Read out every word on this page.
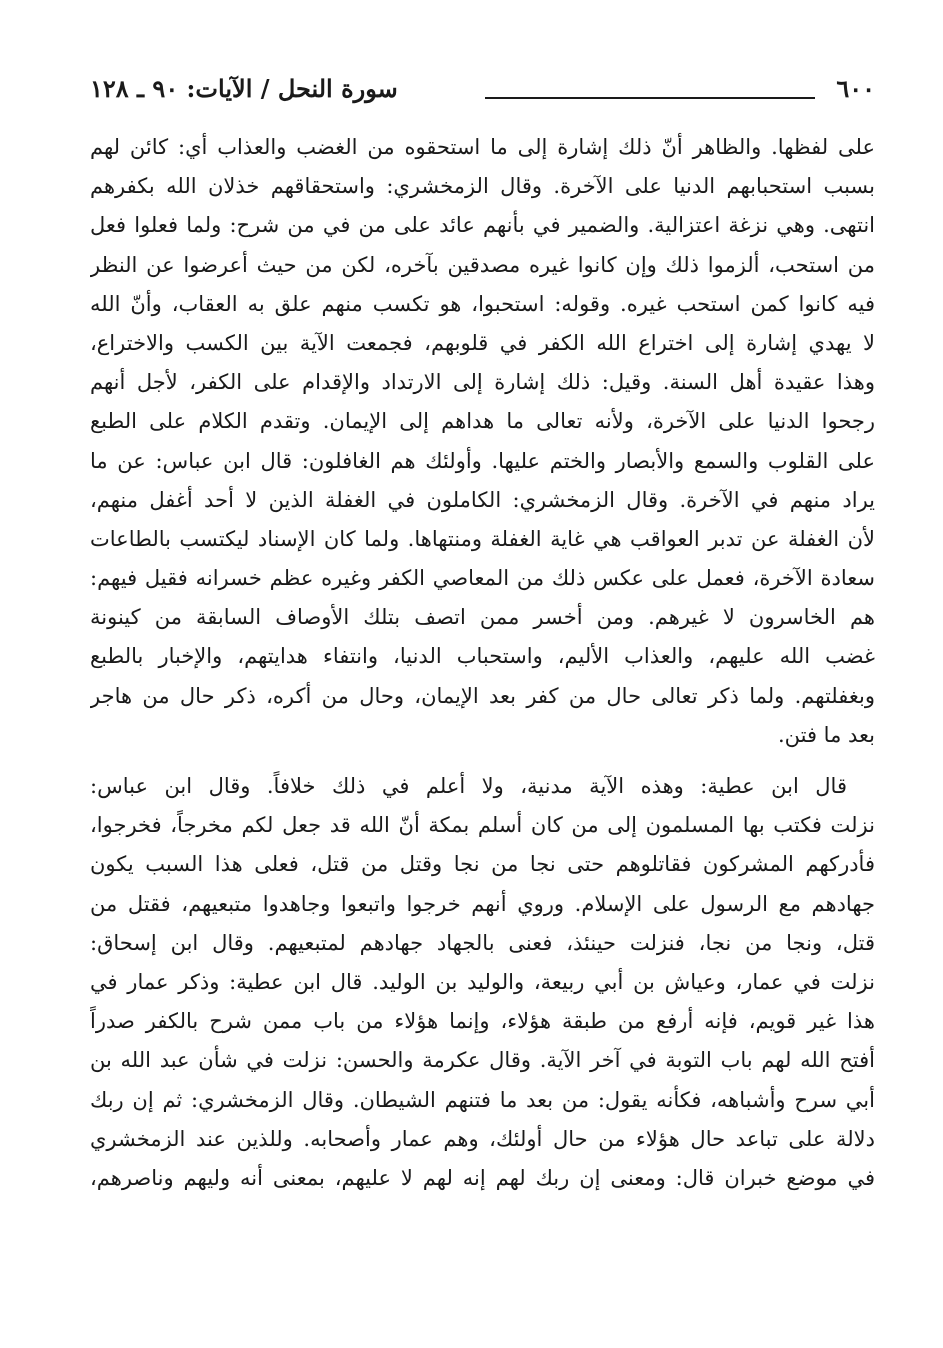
٦٠٠
سورة النحل / الآيات: ٩٠ ـ ١٢٨
على لفظها. والظاهر أنّ ذلك إشارة إلى ما استحقوه من الغضب والعذاب أي: كائن لهم
بسبب استحبابهم الدنيا على الآخرة. وقال الزمخشري: واستحقاقهم خذلان الله بكفرهم
انتهى. وهي نزغة اعتزالية. والضمير في بأنهم عائد على من في من شرح: ولما فعلوا فعل
من استحب، ألزموا ذلك وإن كانوا غيره مصدقين بآخره، لكن من حيث أعرضوا عن النظر
فيه كانوا كمن استحب غيره. وقوله: استحبوا، هو تكسب منهم علق به العقاب، وأنّ الله
لا يهدي إشارة إلى اختراع الله الكفر في قلوبهم، فجمعت الآية بين الكسب والاختراع،
وهذا عقيدة أهل السنة. وقيل: ذلك إشارة إلى الارتداد والإقدام على الكفر، لأجل أنهم
رجحوا الدنيا على الآخرة، ولأنه تعالى ما هداهم إلى الإيمان. وتقدم الكلام على الطبع
على القلوب والسمع والأبصار والختم عليها. وأولئك هم الغافلون: قال ابن عباس: عن ما
يراد منهم في الآخرة. وقال الزمخشري: الكاملون في الغفلة الذين لا أحد أغفل منهم،
لأن الغفلة عن تدبر العواقب هي غاية الغفلة ومنتهاها. ولما كان الإسناد ليكتسب بالطاعات
سعادة الآخرة، فعمل على عكس ذلك من المعاصي الكفر وغيره عظم خسرانه فقيل فيهم:
هم الخاسرون لا غيرهم. ومن أخسر ممن اتصف بتلك الأوصاف السابقة من كينونة
غضب الله عليهم، والعذاب الأليم، واستحباب الدنيا، وانتفاء هدايتهم، والإخبار بالطبع
وبغفلتهم. ولما ذكر تعالى حال من كفر بعد الإيمان، وحال من أكره، ذكر حال من هاجر
بعد ما فتن.
قال ابن عطية: وهذه الآية مدنية، ولا أعلم في ذلك خلافاً. وقال ابن عباس:
نزلت فكتب بها المسلمون إلى من كان أسلم بمكة أنّ الله قد جعل لكم مخرجاً، فخرجوا،
فأدركهم المشركون فقاتلوهم حتى نجا من نجا وقتل من قتل، فعلى هذا السبب يكون
جهادهم مع الرسول على الإسلام. وروي أنهم خرجوا واتبعوا وجاهدوا متبعيهم، فقتل من
قتل، ونجا من نجا، فنزلت حينئذ، فعنى بالجهاد جهادهم لمتبعيهم. وقال ابن إسحاق:
نزلت في عمار، وعياش بن أبي ربيعة، والوليد بن الوليد. قال ابن عطية: وذكر عمار في
هذا غير قويم، فإنه أرفع من طبقة هؤلاء، وإنما هؤلاء من باب ممن شرح بالكفر صدراً
أفتح الله لهم باب التوبة في آخر الآية. وقال عكرمة والحسن: نزلت في شأن عبد الله بن
أبي سرح وأشباهه، فكأنه يقول: من بعد ما فتنهم الشيطان. وقال الزمخشري: ثم إن ربك
دلالة على تباعد حال هؤلاء من حال أولئك، وهم عمار وأصحابه. وللذين عند الزمخشري
في موضع خبران قال: ومعنى إن ربك لهم إنه لهم لا عليهم، بمعنى أنه وليهم وناصرهم،
